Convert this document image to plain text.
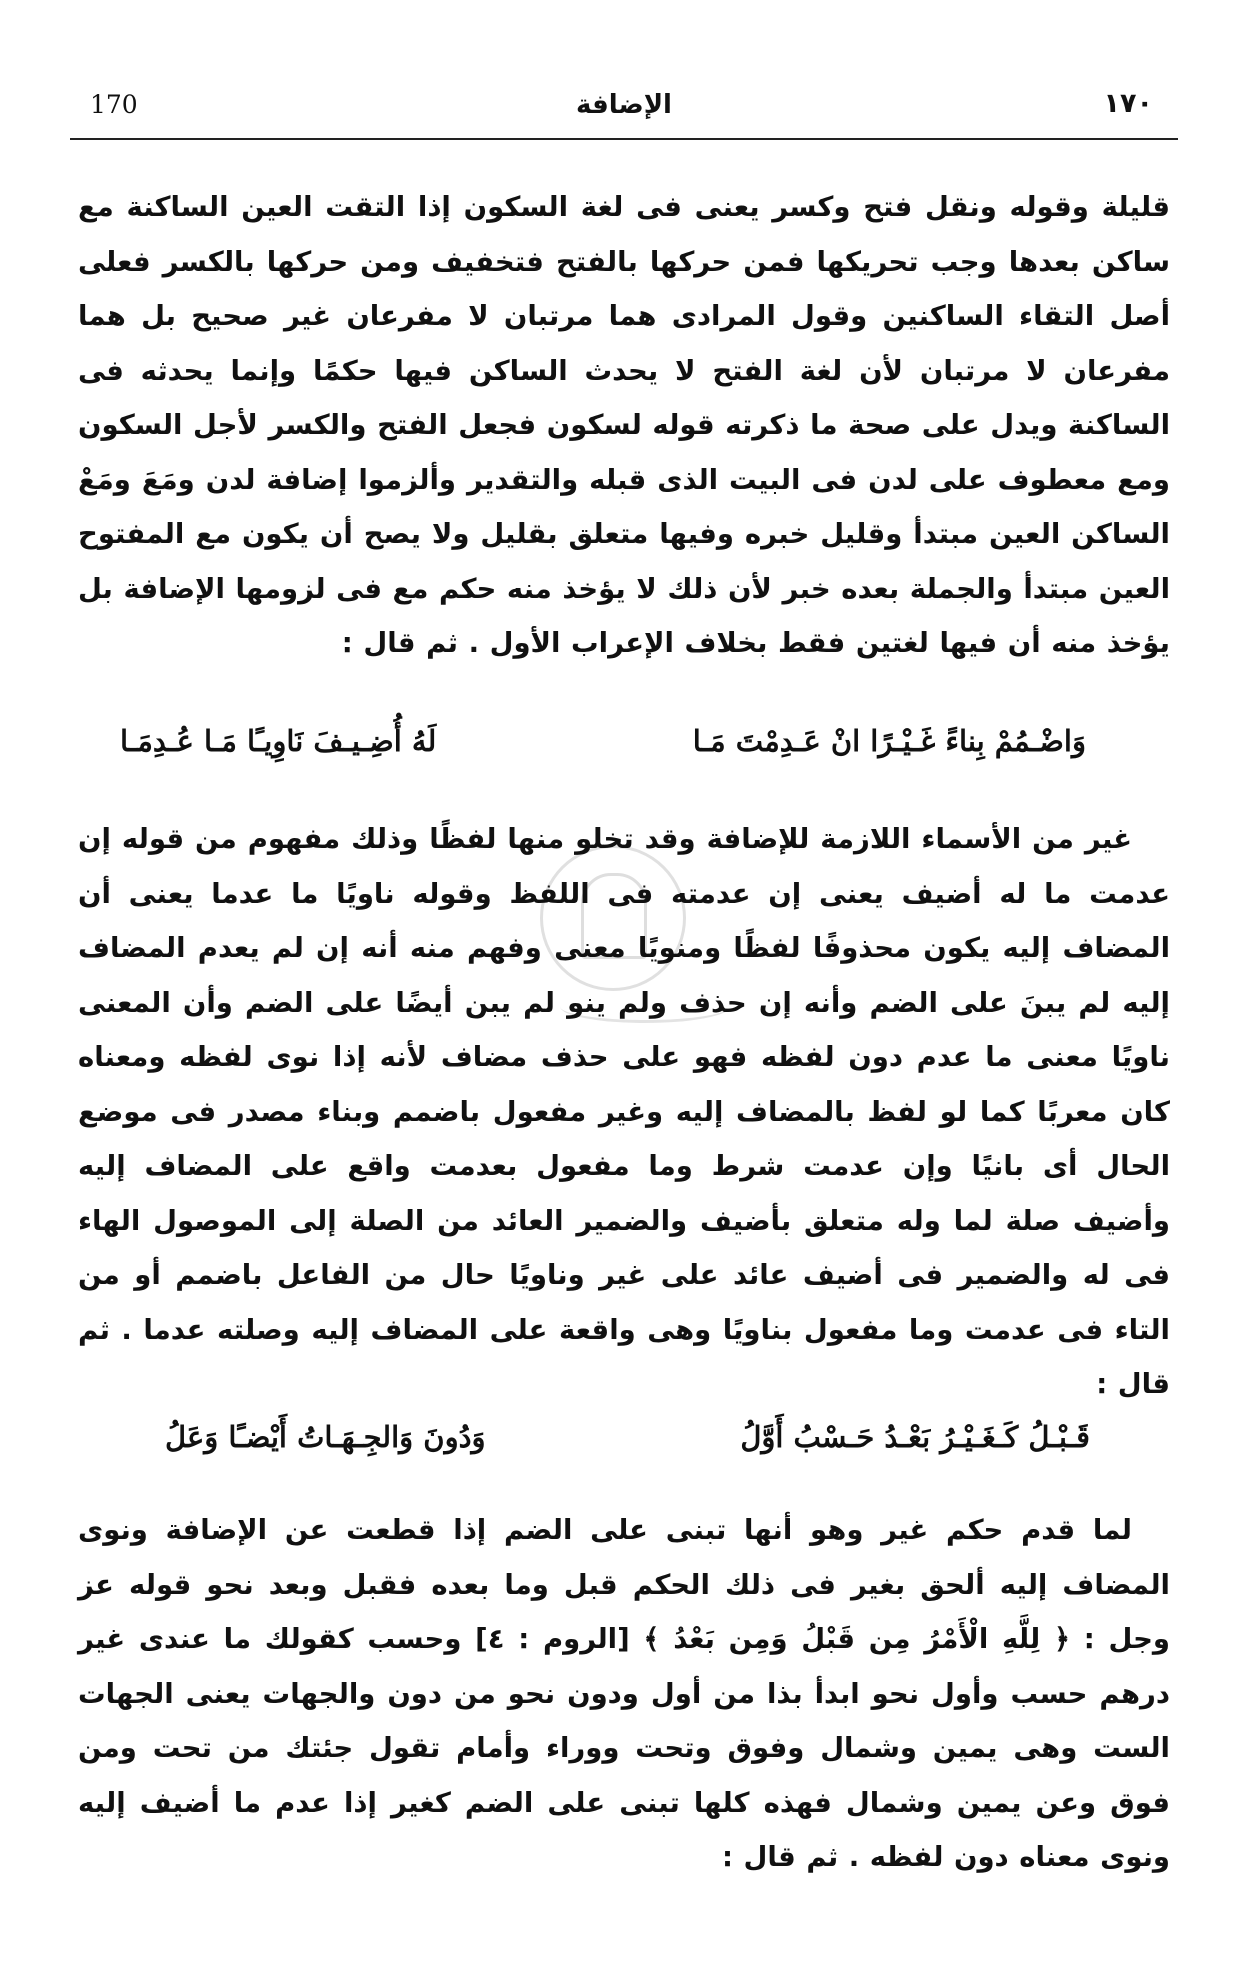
170	الإضافة	١٧٠

قليلة وقوله ونقل فتح وكسر يعنى فى لغة السكون إذا التقت العين الساكنة مع ساكن بعدها وجب تحريكها فمن حركها بالفتح فتخفيف ومن حركها بالكسر فعلى أصل التقاء الساكنين وقول المرادى هما مرتبان لا مفرعان غير صحيح بل هما مفرعان لا مرتبان لأن لغة الفتح لا يحدث الساكن فيها حكمًا وإنما يحدثه فى الساكنة ويدل على صحة ما ذكرته قوله لسكون فجعل الفتح والكسر لأجل السكون ومع معطوف على لدن فى البيت الذى قبله والتقدير وألزموا إضافة لدن ومَعَ ومَعْ الساكن العين مبتدأ وقليل خبره وفيها متعلق بقليل ولا يصح أن يكون مع المفتوح العين مبتدأ والجملة بعده خبر لأن ذلك لا يؤخذ منه حكم مع فى لزومها الإضافة بل يؤخذ منه أن فيها لغتين فقط بخلاف الإعراب الأول . ثم قال :

وَاضْـمُمْ بِناءً غَـيْـرًا انْ عَـدِمْتَ مَـا
لَهُ أُضِـيـفَ نَاوِيـًا مَـا عُـدِمَـا

غير من الأسماء اللازمة للإضافة وقد تخلو منها لفظًا وذلك مفهوم من قوله إن عدمت ما له أضيف يعنى إن عدمته فى اللفظ وقوله ناويًا ما عدما يعنى أن المضاف إليه يكون محذوفًا لفظًا ومنويًا معنى وفهم منه أنه إن لم يعدم المضاف إليه لم يبنَ على الضم وأنه إن حذف ولم ينو لم يبن أيضًا على الضم وأن المعنى ناويًا معنى ما عدم دون لفظه فهو على حذف مضاف لأنه إذا نوى لفظه ومعناه كان معربًا كما لو لفظ بالمضاف إليه وغير مفعول باضمم وبناء مصدر فى موضع الحال أى بانيًا وإن عدمت شرط وما مفعول بعدمت واقع على المضاف إليه وأضيف صلة لما وله متعلق بأضيف والضمير العائد من الصلة إلى الموصول الهاء فى له والضمير فى أضيف عائد على غير وناويًا حال من الفاعل باضمم أو من التاء فى عدمت وما مفعول بناويًا وهى واقعة على المضاف إليه وصلته عدما . ثم قال :

قَـبْـلُ كَـغَـيْـرُ بَعْـدُ حَـسْبُ أَوَّلُ
وَدُونَ وَالجِـهَـاتُ أَيْضـًا وَعَلُ

لما قدم حكم غير وهو أنها تبنى على الضم إذا قطعت عن الإضافة ونوى المضاف إليه ألحق بغير فى ذلك الحكم قبل وما بعده فقبل وبعد نحو قوله عز وجل : ﴿ لِلَّهِ الْأَمْرُ مِن قَبْلُ وَمِن بَعْدُ ﴾ [الروم : ٤] وحسب كقولك ما عندى غير درهم حسب وأول نحو ابدأ بذا من أول ودون نحو من دون والجهات يعنى الجهات الست وهى يمين وشمال وفوق وتحت ووراء وأمام تقول جئتك من تحت ومن فوق وعن يمين وشمال فهذه كلها تبنى على الضم كغير إذا عدم ما أضيف إليه ونوى معناه دون لفظه . ثم قال :
